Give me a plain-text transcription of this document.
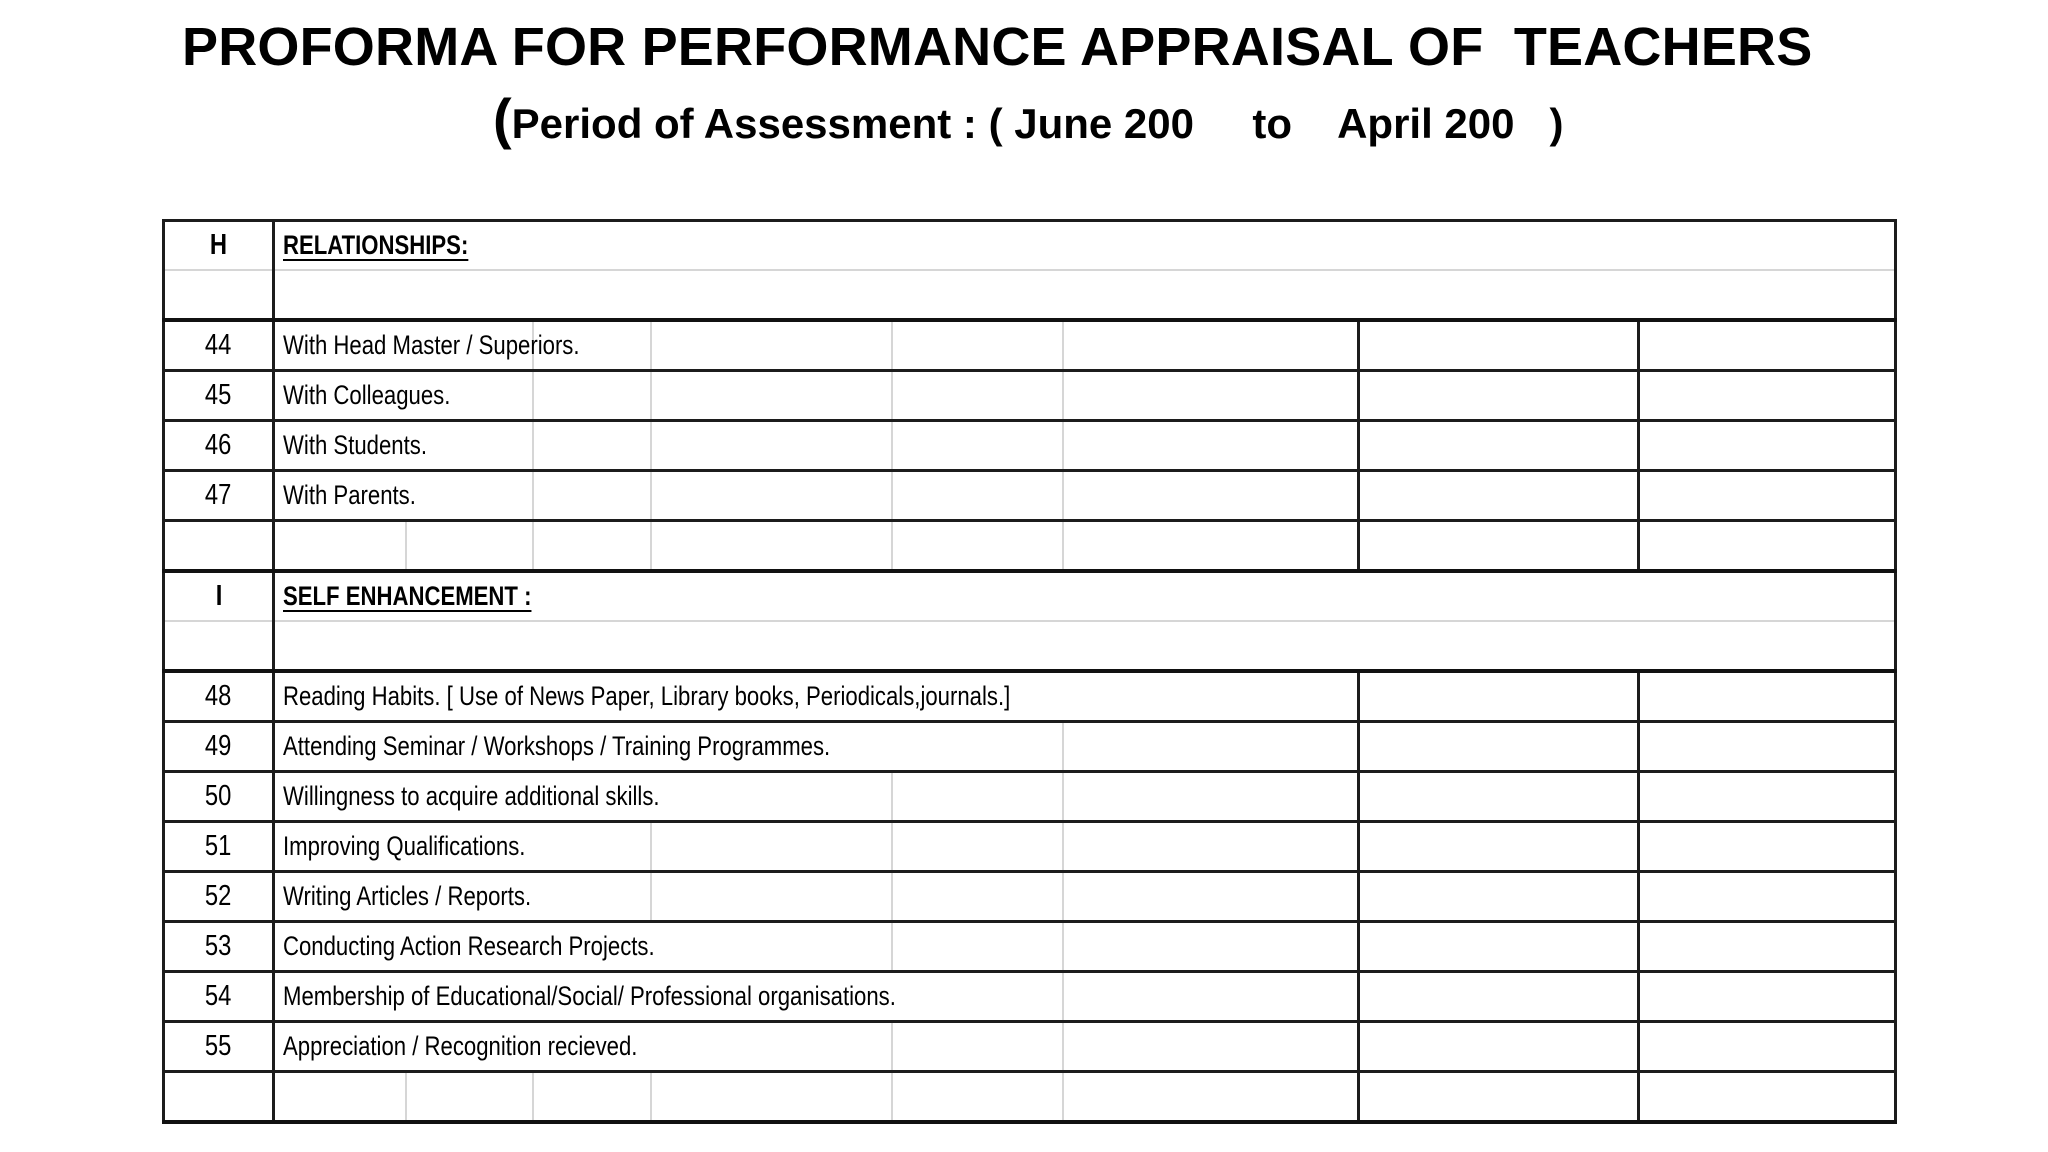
PROFORMA FOR PERFORMANCE APPRAISAL OF  TEACHERS
(Period of Assessment : ( June 200     to    April 200   )
H	RELATIONSHIPS:							

44	With Head Master / Superiors.							
45	With Colleagues.							
46	With Students.							
47	With Parents.							

I	SELF ENHANCEMENT :							

48	Reading Habits. [ Use of News Paper, Library books, Periodicals,journals.]							
49	Attending Seminar / Workshops / Training Programmes.							
50	Willingness to acquire additional skills.							
51	Improving Qualifications.							
52	Writing Articles / Reports.							
53	Conducting Action Research Projects.							
54	Membership of Educational/Social/ Professional organisations.							
55	Appreciation / Recognition recieved.							
